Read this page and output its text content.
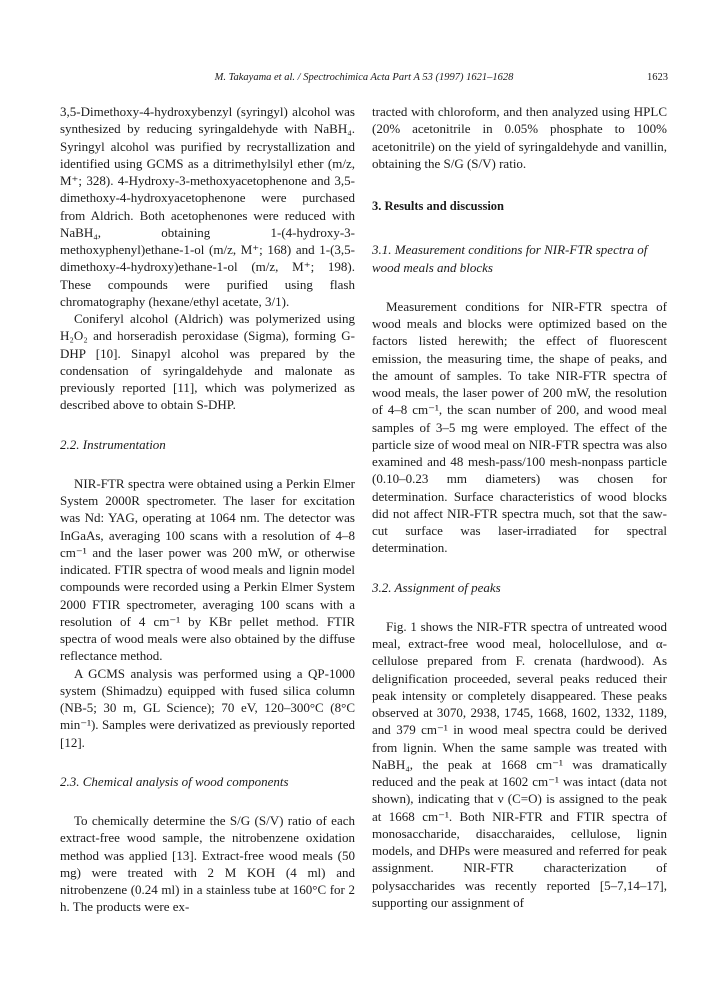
M. Takayama et al. / Spectrochimica Acta Part A 53 (1997) 1621–1628	1623

3,5-Dimethoxy-4-hydroxybenzyl (syringyl) alcohol was synthesized by reducing syringaldehyde with NaBH₄. Syringyl alcohol was purified by recrystallization and identified using GCMS as a ditrimethylsilyl ether (m/z, M⁺; 328). 4-Hydroxy-3-methoxyacetophenone and 3,5-dimethoxy-4-hydroxyacetophenone were purchased from Aldrich. Both acetophenones were reduced with NaBH₄, obtaining 1-(4-hydroxy-3-methoxyphenyl)ethane-1-ol (m/z, M⁺; 168) and 1-(3,5-dimethoxy-4-hydroxy)ethane-1-ol (m/z, M⁺; 198). These compounds were purified using flash chromatography (hexane/ethyl acetate, 3/1).

Coniferyl alcohol (Aldrich) was polymerized using H₂O₂ and horseradish peroxidase (Sigma), forming G-DHP [10]. Sinapyl alcohol was prepared by the condensation of syringaldehyde and malonate as previously reported [11], which was polymerized as described above to obtain S-DHP.

2.2. Instrumentation

NIR-FTR spectra were obtained using a Perkin Elmer System 2000R spectrometer. The laser for excitation was Nd: YAG, operating at 1064 nm. The detector was InGaAs, averaging 100 scans with a resolution of 4–8 cm⁻¹ and the laser power was 200 mW, or otherwise indicated. FTIR spectra of wood meals and lignin model compounds were recorded using a Perkin Elmer System 2000 FTIR spectrometer, averaging 100 scans with a resolution of 4 cm⁻¹ by KBr pellet method. FTIR spectra of wood meals were also obtained by the diffuse reflectance method.

A GCMS analysis was performed using a QP-1000 system (Shimadzu) equipped with fused silica column (NB-5; 30 m, GL Science); 70 eV, 120–300°C (8°C min⁻¹). Samples were derivatized as previously reported [12].

2.3. Chemical analysis of wood components

To chemically determine the S/G (S/V) ratio of each extract-free wood sample, the nitrobenzene oxidation method was applied [13]. Extract-free wood meals (50 mg) were treated with 2 M KOH (4 ml) and nitrobenzene (0.24 ml) in a stainless tube at 160°C for 2 h. The products were ex-

tracted with chloroform, and then analyzed using HPLC (20% acetonitrile in 0.05% phosphate to 100% acetonitrile) on the yield of syringaldehyde and vanillin, obtaining the S/G (S/V) ratio.

3. Results and discussion
3.1. Measurement conditions for NIR-FTR spectra of wood meals and blocks

Measurement conditions for NIR-FTR spectra of wood meals and blocks were optimized based on the factors listed herewith; the effect of fluorescent emission, the measuring time, the shape of peaks, and the amount of samples. To take NIR-FTR spectra of wood meals, the laser power of 200 mW, the resolution of 4–8 cm⁻¹, the scan number of 200, and wood meal samples of 3–5 mg were employed. The effect of the particle size of wood meal on NIR-FTR spectra was also examined and 48 mesh-pass/100 mesh-nonpass particle (0.10–0.23 mm diameters) was chosen for determination. Surface characteristics of wood blocks did not affect NIR-FTR spectra much, sot that the saw-cut surface was laser-irradiated for spectral determination.

3.2. Assignment of peaks

Fig. 1 shows the NIR-FTR spectra of untreated wood meal, extract-free wood meal, holocellulose, and α-cellulose prepared from F. crenata (hardwood). As delignification proceeded, several peaks reduced their peak intensity or completely disappeared. These peaks observed at 3070, 2938, 1745, 1668, 1602, 1332, 1189, and 379 cm⁻¹ in wood meal spectra could be derived from lignin. When the same sample was treated with NaBH₄, the peak at 1668 cm⁻¹ was dramatically reduced and the peak at 1602 cm⁻¹ was intact (data not shown), indicating that ν (C=O) is assigned to the peak at 1668 cm⁻¹. Both NIR-FTR and FTIR spectra of monosaccharide, disaccharaides, cellulose, lignin models, and DHPs were measured and referred for peak assignment. NIR-FTR characterization of polysaccharides was recently reported [5–7,14–17], supporting our assignment of
